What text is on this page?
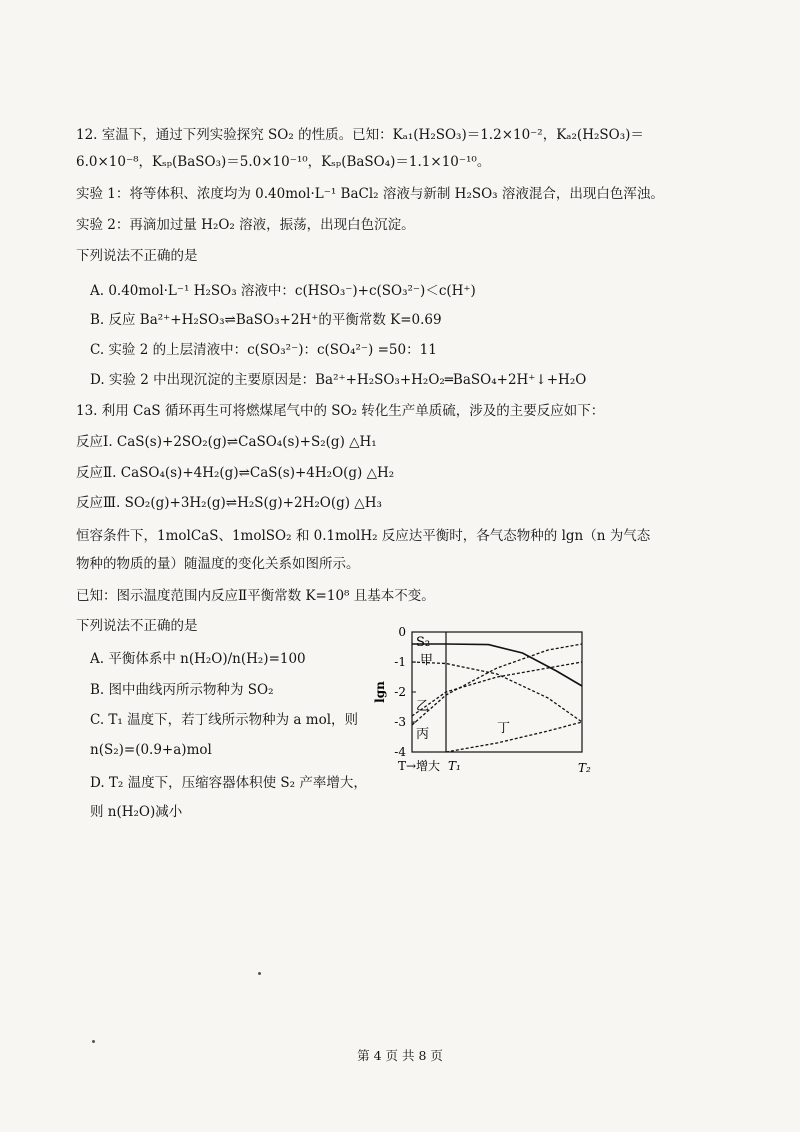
12. 室温下，通过下列实验探究 SO₂ 的性质。已知：Kₐ₁(H₂SO₃)＝1.2×10⁻²，Kₐ₂(H₂SO₃)＝
6.0×10⁻⁸，Kₛₚ(BaSO₃)＝5.0×10⁻¹⁰，Kₛₚ(BaSO₄)＝1.1×10⁻¹⁰。
实验 1：将等体积、浓度均为 0.40mol·L⁻¹ BaCl₂ 溶液与新制 H₂SO₃ 溶液混合，出现白色浑浊。
实验 2：再滴加过量 H₂O₂ 溶液，振荡，出现白色沉淀。
下列说法不正确的是
A. 0.40mol·L⁻¹ H₂SO₃ 溶液中：c(HSO₃⁻)+c(SO₃²⁻)＜c(H⁺)
B. 反应 Ba²⁺+H₂SO₃⇌BaSO₃+2H⁺的平衡常数 K=0.69
C. 实验 2 的上层清液中：c(SO₃²⁻)：c(SO₄²⁻) =50：11
D. 实验 2 中出现沉淀的主要原因是：Ba²⁺+H₂SO₃+H₂O₂═BaSO₄+2H⁺↓+H₂O
13. 利用 CaS 循环再生可将燃煤尾气中的 SO₂ 转化生产单质硫，涉及的主要反应如下：
反应Ⅰ. CaS(s)+2SO₂(g)⇌CaSO₄(s)+S₂(g) △H₁
反应Ⅱ. CaSO₄(s)+4H₂(g)⇌CaS(s)+4H₂O(g) △H₂
反应Ⅲ. SO₂(g)+3H₂(g)⇌H₂S(g)+2H₂O(g) △H₃
恒容条件下，1molCaS、1molSO₂ 和 0.1molH₂ 反应达平衡时，各气态物种的 lgn（n 为气态
物种的物质的量）随温度的变化关系如图所示。
已知：图示温度范围内反应Ⅱ平衡常数 K=10⁸ 且基本不变。
下列说法不正确的是
A. 平衡体系中 n(H₂O)/n(H₂)=100
B. 图中曲线丙所示物种为 SO₂
C. T₁ 温度下，若丁线所示物种为 a mol，则
n(S₂)=(0.9+a)mol
D. T₂ 温度下，压缩容器体积使 S₂ 产率增大，
则 n(H₂O)减小
0
-1
-2
-3
-4
lgn
T→增大 T₁	T₂
S₂
甲
乙
丙	丁
第 4 页 共 8 页
